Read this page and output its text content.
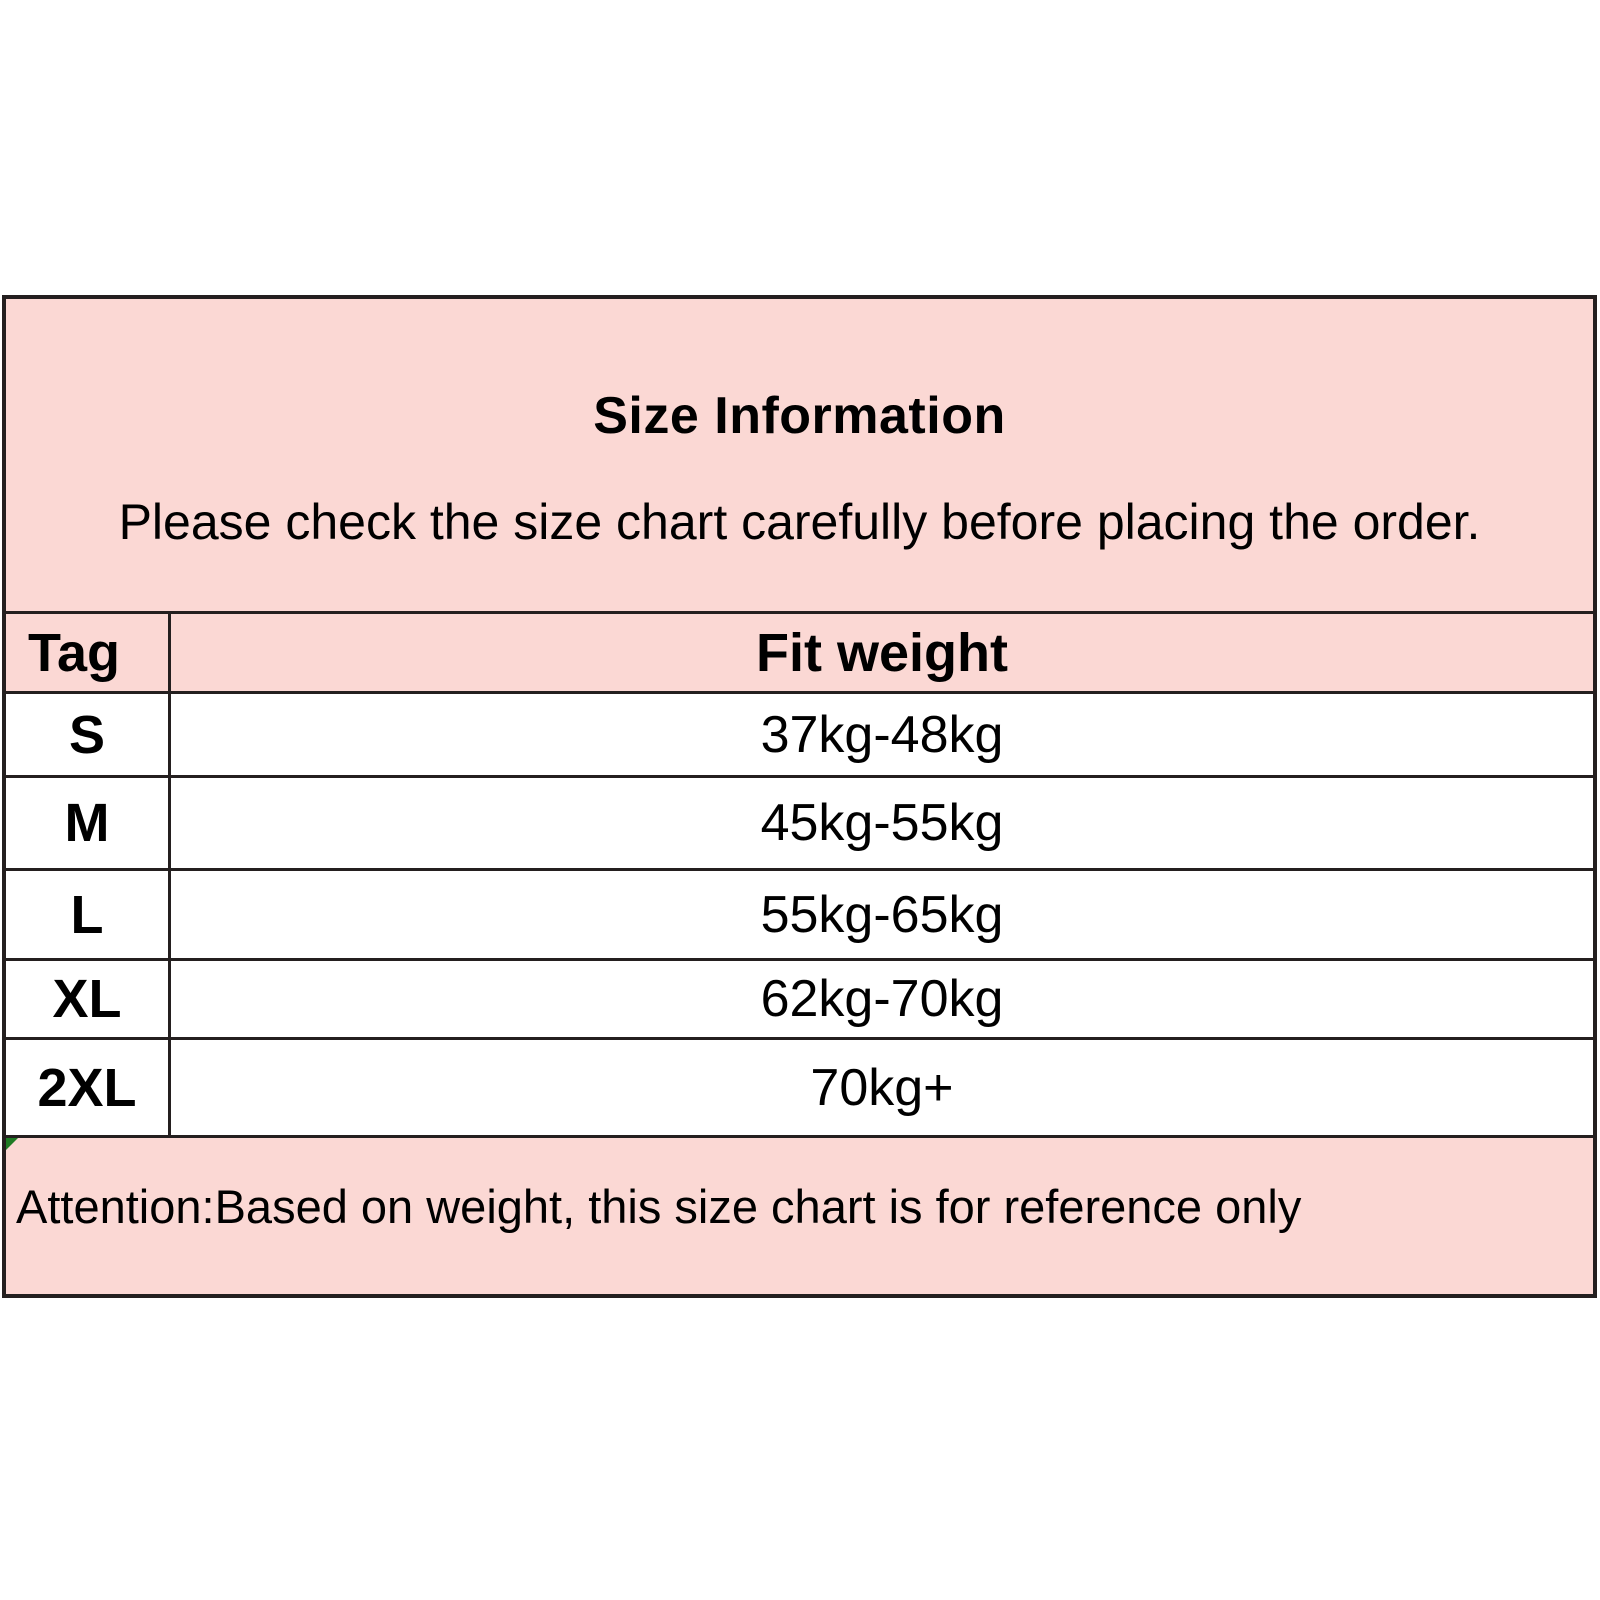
Size Information
Please check the size chart carefully before placing the order.
Tag	Fit weight
S	37kg-48kg
M	45kg-55kg
L	55kg-65kg
XL	62kg-70kg
2XL	70kg+
Attention:Based on weight, this size chart is for reference only
